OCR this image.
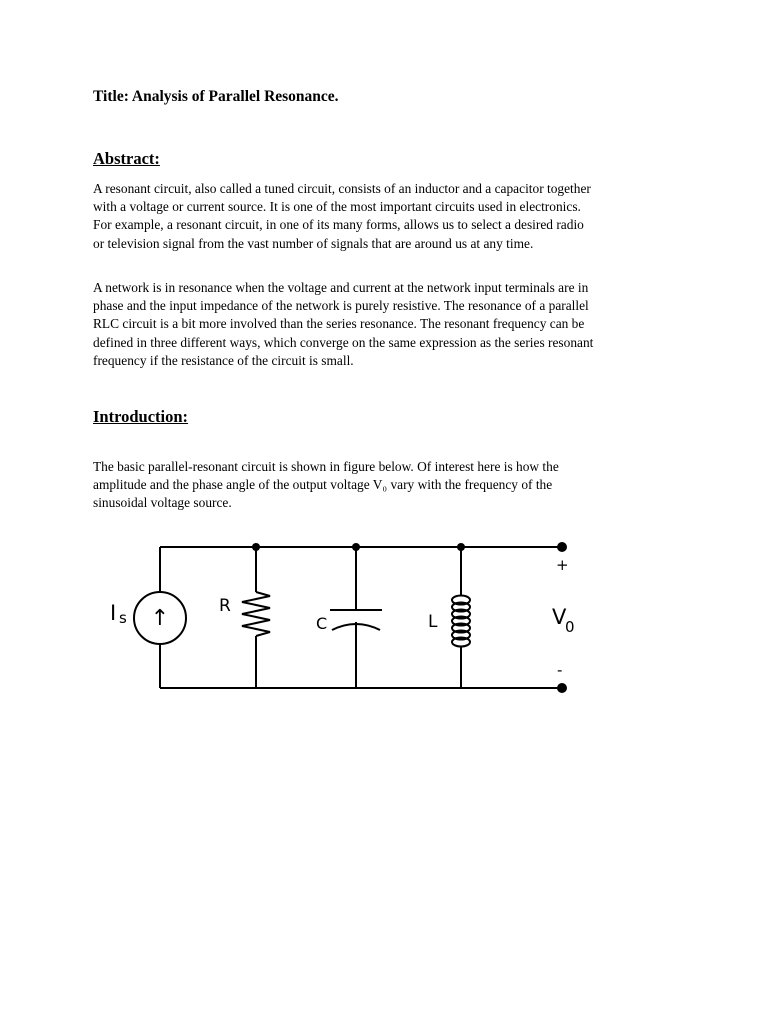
Title: Analysis of Parallel Resonance.
Abstract:
A resonant circuit, also called a tuned circuit, consists of an inductor and a capacitor together
with a voltage or current source. It is one of the most important circuits used in electronics.
For example, a resonant circuit, in one of its many forms, allows us to select a desired radio
or television signal from the vast number of signals that are around us at any time.
A network is in resonance when the voltage and current at the network input terminals are in
phase and the input impedance of the network is purely resistive. The resonance of a parallel
RLC circuit is a bit more involved than the series resonance. The resonant frequency can be
defined in three different ways, which converge on the same expression as the series resonant
frequency if the resistance of the circuit is small.
Introduction:
The basic parallel-resonant circuit is shown in figure below. Of interest here is how the
amplitude and the phase angle of the output voltage V₀ vary with the frequency of the
sinusoidal voltage source.
I s ↑	R
C	L
+
-
V
0
